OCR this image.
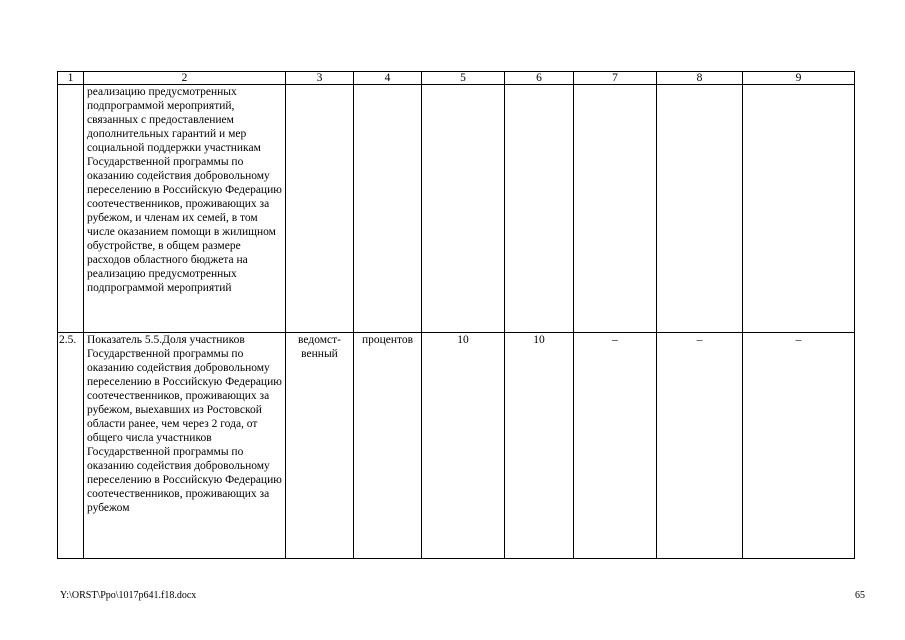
1	2	3	4	5	6	7	8	9

	реализацию предусмотренных подпрограммой мероприятий, связанных с предоставлением дополнительных гарантий и мер социальной поддержки участникам Государственной программы по оказанию содействия добровольному переселению в Российскую Федерацию соотечественников, проживающих за рубежом, и членам их семей, в том числе оказанием помощи в жилищном обустройстве, в общем размере расходов областного бюджета на реализацию предусмотренных подпрограммой мероприятий							

2.5.	Показатель 5.5.Доля участников Государственной программы по оказанию содействия добровольному переселению в Российскую Федерацию соотечественников, проживающих за рубежом, выехавших из Ростовской области ранее, чем через 2 года, от общего числа участников Государственной программы по оказанию содействия добровольному переселению в Российскую Федерацию соотечественников, проживающих за рубежом	ведомст-венный	процентов	10	10	–	–	–
Y:\ORST\Ppo\1017p641.f18.docx	65
